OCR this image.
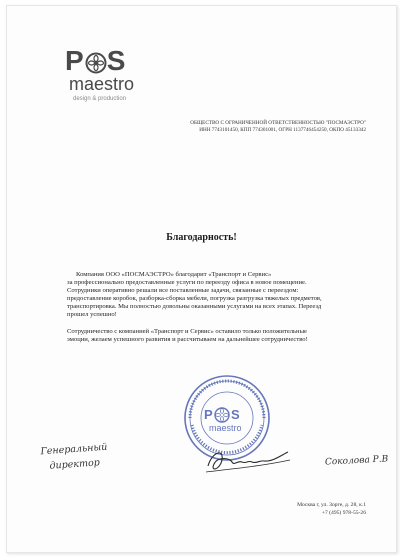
P S
maestro
design & production
ОБЩЕСТВО С ОГРАНИЧЕННОЙ ОТВЕТСТВЕННОСТЬЮ "ПОСМАЭСТРО"
ИНН 7743101450, КПП 774301001, ОГРН 1137746454250, ОКПО 45133342
Благодарность!

Компания ООО «ПОСМАЭСТРО» благодарит «Транспорт и Сервис»
за профессионально предоставленные услуги по переезду офиса в новое помещение.
Сотрудники оперативно решали все поставленные задачи, связанные с переездом:
предоставление коробок, разборка-сборка мебели, погрузка разгрузка тяжелых предметов,
транспортировка. Мы полностью довольны оказанными услугами на всех этапах. Переезд
прошел успешно!

Сотрудничество с компанией «Транспорт и Сервис» оставило только положительные
эмоции, желаем успешного развития и рассчитываем на дальнейшее сотрудничество!

P S
maestro
Генеральный
директор	Соколова Р.В
Москва г, ул. Зорге, д. 28, к.1
+7 (495) 978-55-26
